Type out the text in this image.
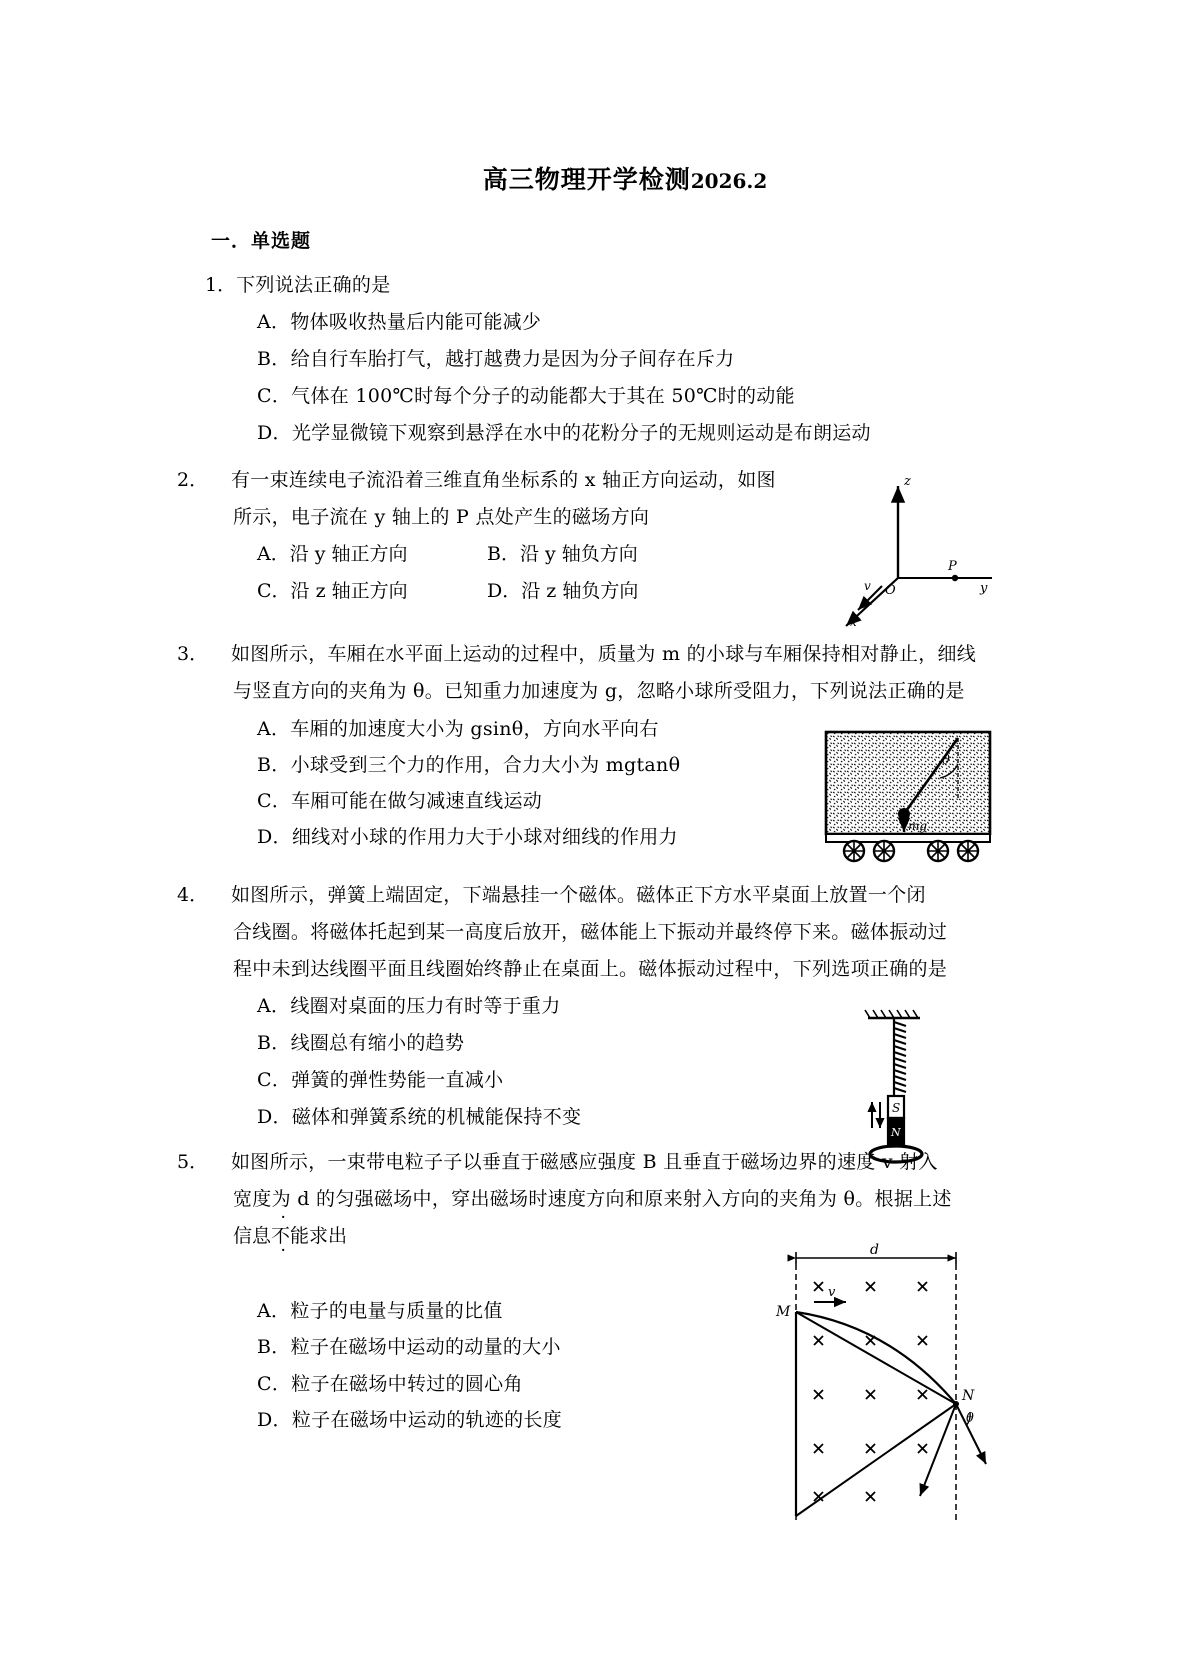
高三物理开学检测2026.2
一．单选题
1．下列说法正确的是
A．物体吸收热量后内能可能减少
B．给自行车胎打气，越打越费力是因为分子间存在斥力
C．气体在 100℃时每个分子的动能都大于其在 50℃时的动能
D．光学显微镜下观察到悬浮在水中的花粉分子的无规则运动是布朗运动
2． 有一束连续电子流沿着三维直角坐标系的 x 轴正方向运动，如图
所示，电子流在 y 轴上的 P 点处产生的磁场方向
A．沿 y 轴正方向	B．沿 y 轴负方向
C．沿 z 轴正方向	D．沿 z 轴负方向
3． 如图所示，车厢在水平面上运动的过程中，质量为 m 的小球与车厢保持相对静止，细线
与竖直方向的夹角为 θ。已知重力加速度为 g，忽略小球所受阻力，下列说法正确的是
A．车厢的加速度大小为 gsinθ，方向水平向右
B．小球受到三个力的作用，合力大小为 mgtanθ
C．车厢可能在做匀减速直线运动
D．细线对小球的作用力大于小球对细线的作用力
4． 如图所示，弹簧上端固定，下端悬挂一个磁体。磁体正下方水平桌面上放置一个闭
合线圈。将磁体托起到某一高度后放开，磁体能上下振动并最终停下来。磁体振动过
程中未到达线圈平面且线圈始终静止在桌面上。磁体振动过程中，下列选项正确的是
A．线圈对桌面的压力有时等于重力
B．线圈总有缩小的趋势
C．弹簧的弹性势能一直减小
D．磁体和弹簧系统的机械能保持不变
5． 如图所示，一束带电粒子子以垂直于磁感应强度 B 且垂直于磁场边界的速度 v 射入
宽度为 d 的匀强磁场中，穿出磁场时速度方向和原来射入方向的夹角为 θ。根据上述
信息不能 · ·求出
A．粒子的电量与质量的比值
B．粒子在磁场中运动的动量的大小
C．粒子在磁场中转过的圆心角
D．粒子在磁场中运动的轨迹的长度
z
y
x
O
P
v
θ
mg
S
N
d
M
v
N
θ
